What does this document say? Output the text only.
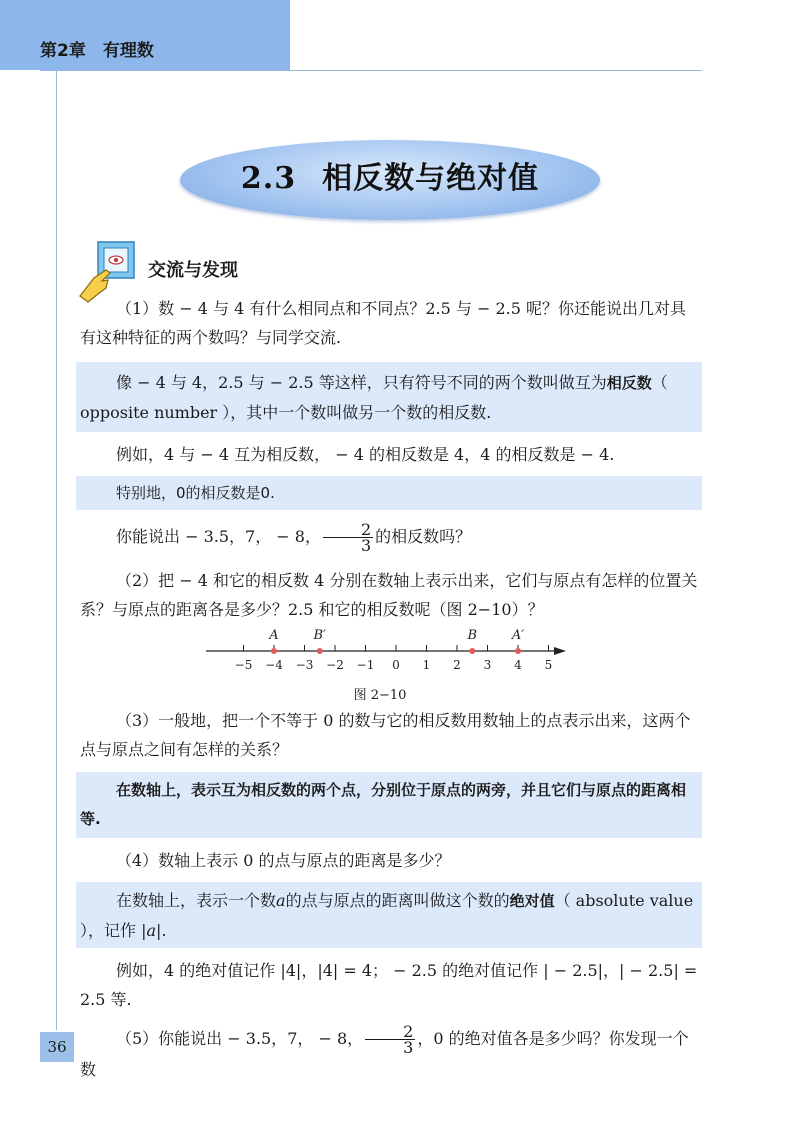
第2章　有理数
2.3 相反数与绝对值
交流与发现
（1）数 − 4 与 4 有什么相同点和不同点？2.5 与 − 2.5 呢？你还能说出几对具有这种特征的两个数吗？与同学交流.
像 − 4 与 4，2.5 与 − 2.5 等这样，只有符号不同的两个数叫做互为相反数（ opposite number ），其中一个数叫做另一个数的相反数.
例如，4 与 − 4 互为相反数， − 4 的相反数是 4，4 的相反数是 − 4.
特别地，0的相反数是0.
你能说出 − 3.5，7， − 8， $\frac{2}{3}$ 的相反数吗？
（2）把 − 4 和它的相反数 4 分别在数轴上表示出来，它们与原点有怎样的位置关系？与原点的距离各是多少？2.5 和它的相反数呢（图 2−10）？
−5 −4 −3 −2 −1 0 1 2 3 4 5
A	B′	B	A′
图 2−10
（3）一般地，把一个不等于 0 的数与它的相反数用数轴上的点表示出来，这两个点与原点之间有怎样的关系？
在数轴上，表示互为相反数的两个点，分别位于原点的两旁，并且它们与原点的距离相等.
（4）数轴上表示 0 的点与原点的距离是多少？
在数轴上，表示一个数a的点与原点的距离叫做这个数的绝对值（ absolute value ），记作 |a|.
例如，4 的绝对值记作 |4|，|4| = 4； − 2.5 的绝对值记作 | − 2.5|，| − 2.5| = 2.5 等.
（5）你能说出 − 3.5，7， − 8， $\frac{2}{3}$ ，0 的绝对值各是多少吗？你发现一个数
36
